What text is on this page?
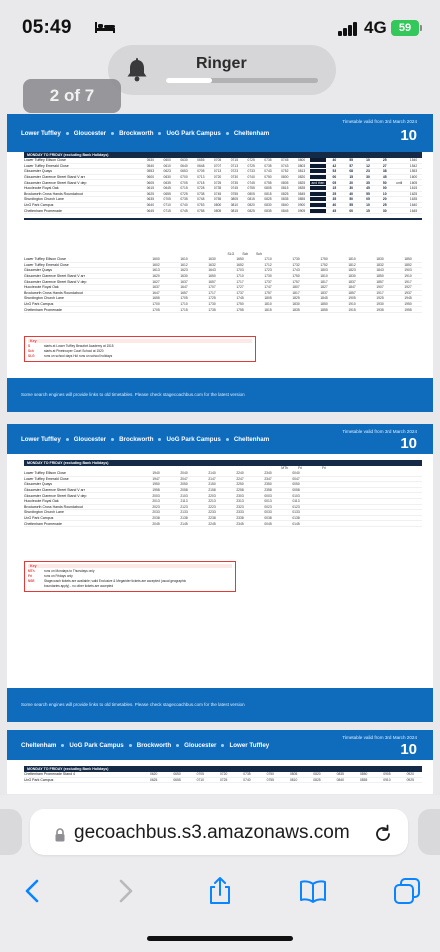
05:49	4G	59
Lower Tuffley Gloucester Brockworth UoG Park Campus Cheltenham
Timetable valid from 3rd March 2024
10
MONDAY TO FRIDAY (excluding Bank Holidays)
Lower Tuffley Ellison Close	0530	0600	0630	0655	0705	0715	0725	0735	0745	0800	40	55	10	25	1540
Lower Tuffley Emerald Close	0540	0610	0640	0648	0707	0713	0725	0735	0743	0803	42	57	12	27	1542
Gloucester Quays	0553	0623	0653	0705	0713	0723	0733	0743	0752	0813	53	08	23	38	1553
Gloucester Clarence Street Stand V arr	0600	0630	0700	0713	0720	0730	0740	0750	0800	0820	00	15	30	45	1600
Gloucester Clarence Street Stand V dep	0605	0635	0705	0718	0725	0735	0745	0755	0805	0825	and then	05	20	35	50	until	1605
Hucclecote Royal Oak	0615	0645	0715	0728	0735	0745	0755	0805	0815	0835	15	30	45	00	1615
Brockworth Cross Hands Roundabout	0625	0655	0725	0738	0745	0755	0805	0815	0825	0845	25	40	55	10	1625
Shurdington Church Lane	0635	0705	0735	0748	0755	0805	0815	0825	0835	0855	35	50	05	20	1635
UoG Park Campus	0640	0710	0740	0753	0800	0810	0820	0830	0840	0900	40	55	10	25	1640
Cheltenham Promenade	0645	0715	0745	0758	0805	0815	0825	0835	0845	0905	45	00	15	30	1645
SLG Sch Sch
Lower Tuffley Ellison Close	1600	1610	1630	1650	1710	1730	1750	1810	1830	1850
Lower Tuffley Emerald Close	1602	1612	1632	1652	1712	1732	1752	1812	1832	1852
Gloucester Quays	1613	1623	1643	1703	1723	1743	1803	1823	1843	1903
Gloucester Clarence Street Stand V arr	1620	1630	1650	1710	1730	1750	1810	1830	1850	1910
Gloucester Clarence Street Stand V dep	1627	1637	1657	1717	1737	1757	1817	1837	1857	1917
Hucclecote Royal Oak	1637	1647	1707	1727	1747	1807	1827	1847	1907	1927
Brockworth Cross Hands Roundabout	1647	1657	1717	1737	1757	1817	1837	1857	1917	1937
Shurdington Church Lane	1655	1705	1725	1745	1805	1825	1845	1905	1925	1945
UoG Park Campus	1700	1710	1730	1750	1810	1830	1850	1910	1930	1950
Cheltenham Promenade	1705	1715	1735	1755	1815	1835	1855	1915	1935	1955
Key
S	starts at Lower Tuffley Beaufort Academy at 1515
Sch	starts at Pinetrooper Court School at 1520
SLG	runs on school days Hol runs on school holidays
Some search engines will provide links to old timetables. Please check stagecoachbus.com for the latest version
Lower Tuffley Gloucester Brockworth UoG Park Campus Cheltenham
Timetable valid from 3rd March 2024
10
MONDAY TO FRIDAY (excluding Bank Holidays)
MTh	Fri	Fri
Lower Tuffley Ellison Close	1940	2040	2140	2240	2340	0040
Lower Tuffley Emerald Close	1947	2047	2147	2247	2347	0047
Gloucester Quays	1950	2050	2150	2250	2350	0050
Gloucester Clarence Street Stand V arr	1958	2058	2158	2258	2358	0058
Gloucester Clarence Street Stand V dep	2003	2103	2203	2303	0003	0103
Hucclecote Royal Oak	2013	2113	2213	2313	0013	0113
Brockworth Cross Hands Roundabout	2023	2123	2223	2323	0023	0123
Shurdington Church Lane	2033	2133	2233	2333	0033	0133
UoG Park Campus	2038	2138	2238	2338	0038	0138
Cheltenham Promenade	2045	2145	2245	2345	0045	0145
Key
MTh	runs on Mondays to Thursdays only
Fri	runs on Fridays only
NSE	Stagecoach tickets are available; valid Exclusive & Megarider tickets are accepted (usual geographic
boundaries apply) - no other tickets are accepted
Some search engines will provide links to old timetables. Please check stagecoachbus.com for the latest version
Cheltenham UoG Park Campus Brockworth Gloucester Lower Tuffley
Timetable valid from 3rd March 2024
10
MONDAY TO FRIDAY (excluding Bank Holidays)
Cheltenham Promenade Stand 4	0620	0650	0705	0720	0735	0750	0805	0820	0835	0850	0905	0920
UoG Park Campus	0625	0655	0710	0725	0740	0755	0810	0825	0840	0855	0910	0925
Ringer
2 of 7
gecoachbus.s3.amazonaws.com
